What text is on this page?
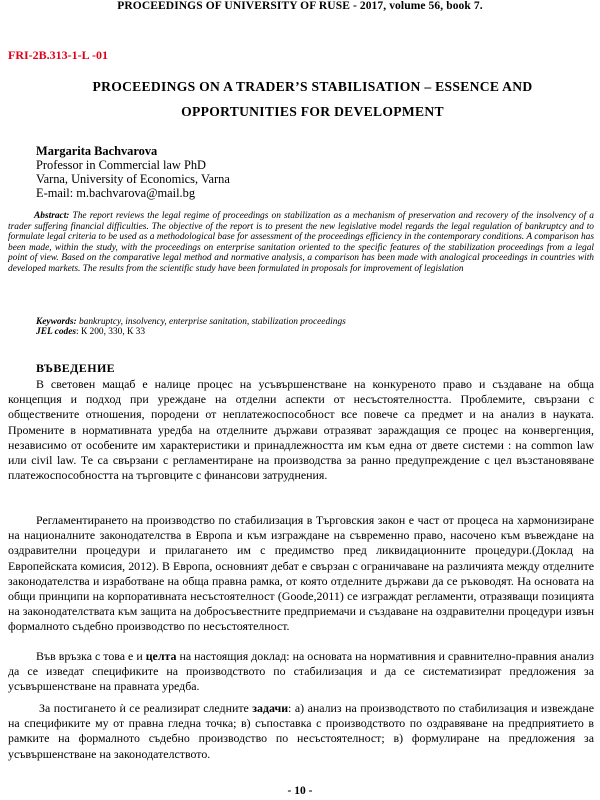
PROCEEDINGS OF UNIVERSITY OF RUSE - 2017, volume 56, book 7.
FRI-2B.313-1-L -01
PROCEEDINGS ON A TRADER’S STABILISATION – ESSENCE AND
OPPORTUNITIES FOR DEVELOPMENT
Margarita Bachvarova
Professor in Commercial law PhD
Varna, University of Economics, Varna
E-mail: m.bachvarova@mail.bg
Abstract: The report reviews the legal regime of proceedings on stabilization as a mechanism of preservation and recovery of the insolvency of a trader suffering financial difficulties. The objective of the report is to present the new legislative model regards the legal regulation of bankruptcy and to formulate legal criteria to be used as a methodological base for assessment of the proceedings efficiency in the contemporary conditions. A comparison has been made, within the study, with the proceedings on enterprise sanitation oriented to the specific features of the stabilization proceedings from a legal point of view. Based on the comparative legal method and normative analysis, a comparison has been made with analogical proceedings in countries with developed markets. The results from the scientific study have been formulated in proposals for improvement of legislation
Keywords: bankruptcy, insolvency, enterprise sanitation, stabilization proceedings
JEL codes: К 200, 330, К 33
ВЪВЕДЕНИЕ
В световен мащаб е налице процес на усъвършенстване на конкуреното право и създаване на обща концепция и подход при уреждане на отделни аспекти от несъстоятелността. Проблемите, свързани с обществените отношения, породени от неплатежоспособност все повече са предмет и на анализ в науката. Промените в нормативната уредба на отделните държави отразяват зараждащия се процес на конвергенция, независимо от особените им характеристики и принадлежността им към една от двете системи : на common law или civil law. Те са свързани с регламентиране на производства за ранно предупреждение с цел възстановяване платежоспособността на търговците с финансови затруднения.
Регламентирането на производство по стабилизация в Търговския закон е част от процеса на хармонизиране на националните законодателства в Европа и към изграждане на съвременно право, насочено към въвеждане на оздравителни процедури и прилагането им с предимство пред ликвидационните процедури.(Доклад на Европейската комисия, 2012). В Европа, основният дебат е свързан с ограничаване на различията между отделните законодателства и изработване на обща правна рамка, от която отделните държави да се ръководят. На основата на общи принципи на корпоративната несъстоятелност (Goode,2011) се изграждат регламенти, отразяващи позицията на законодателствата към защита на добросъвестните предприемачи и създаване на оздравителни процедури извън формалното съдебно производство по несъстоятелност.
Във връзка с това е и целта на настоящия доклад: на основата на нормативния и сравнително-правния анализ да се изведат спецификите на производството по стабилизация и да се систематизират предложения за усъвършенстване на правната уредба.
За постигането ѝ се реализират следните задачи: а) анализ на производството по стабилизация и извеждане на спецификите му от правна гледна точка; в) съпоставка с производството по оздравяване на предприятието в рамките на формалното съдебно производство по несъстоятелност; в) формулиране на предложения за усъвършенстване на законодателството.
- 10 -
